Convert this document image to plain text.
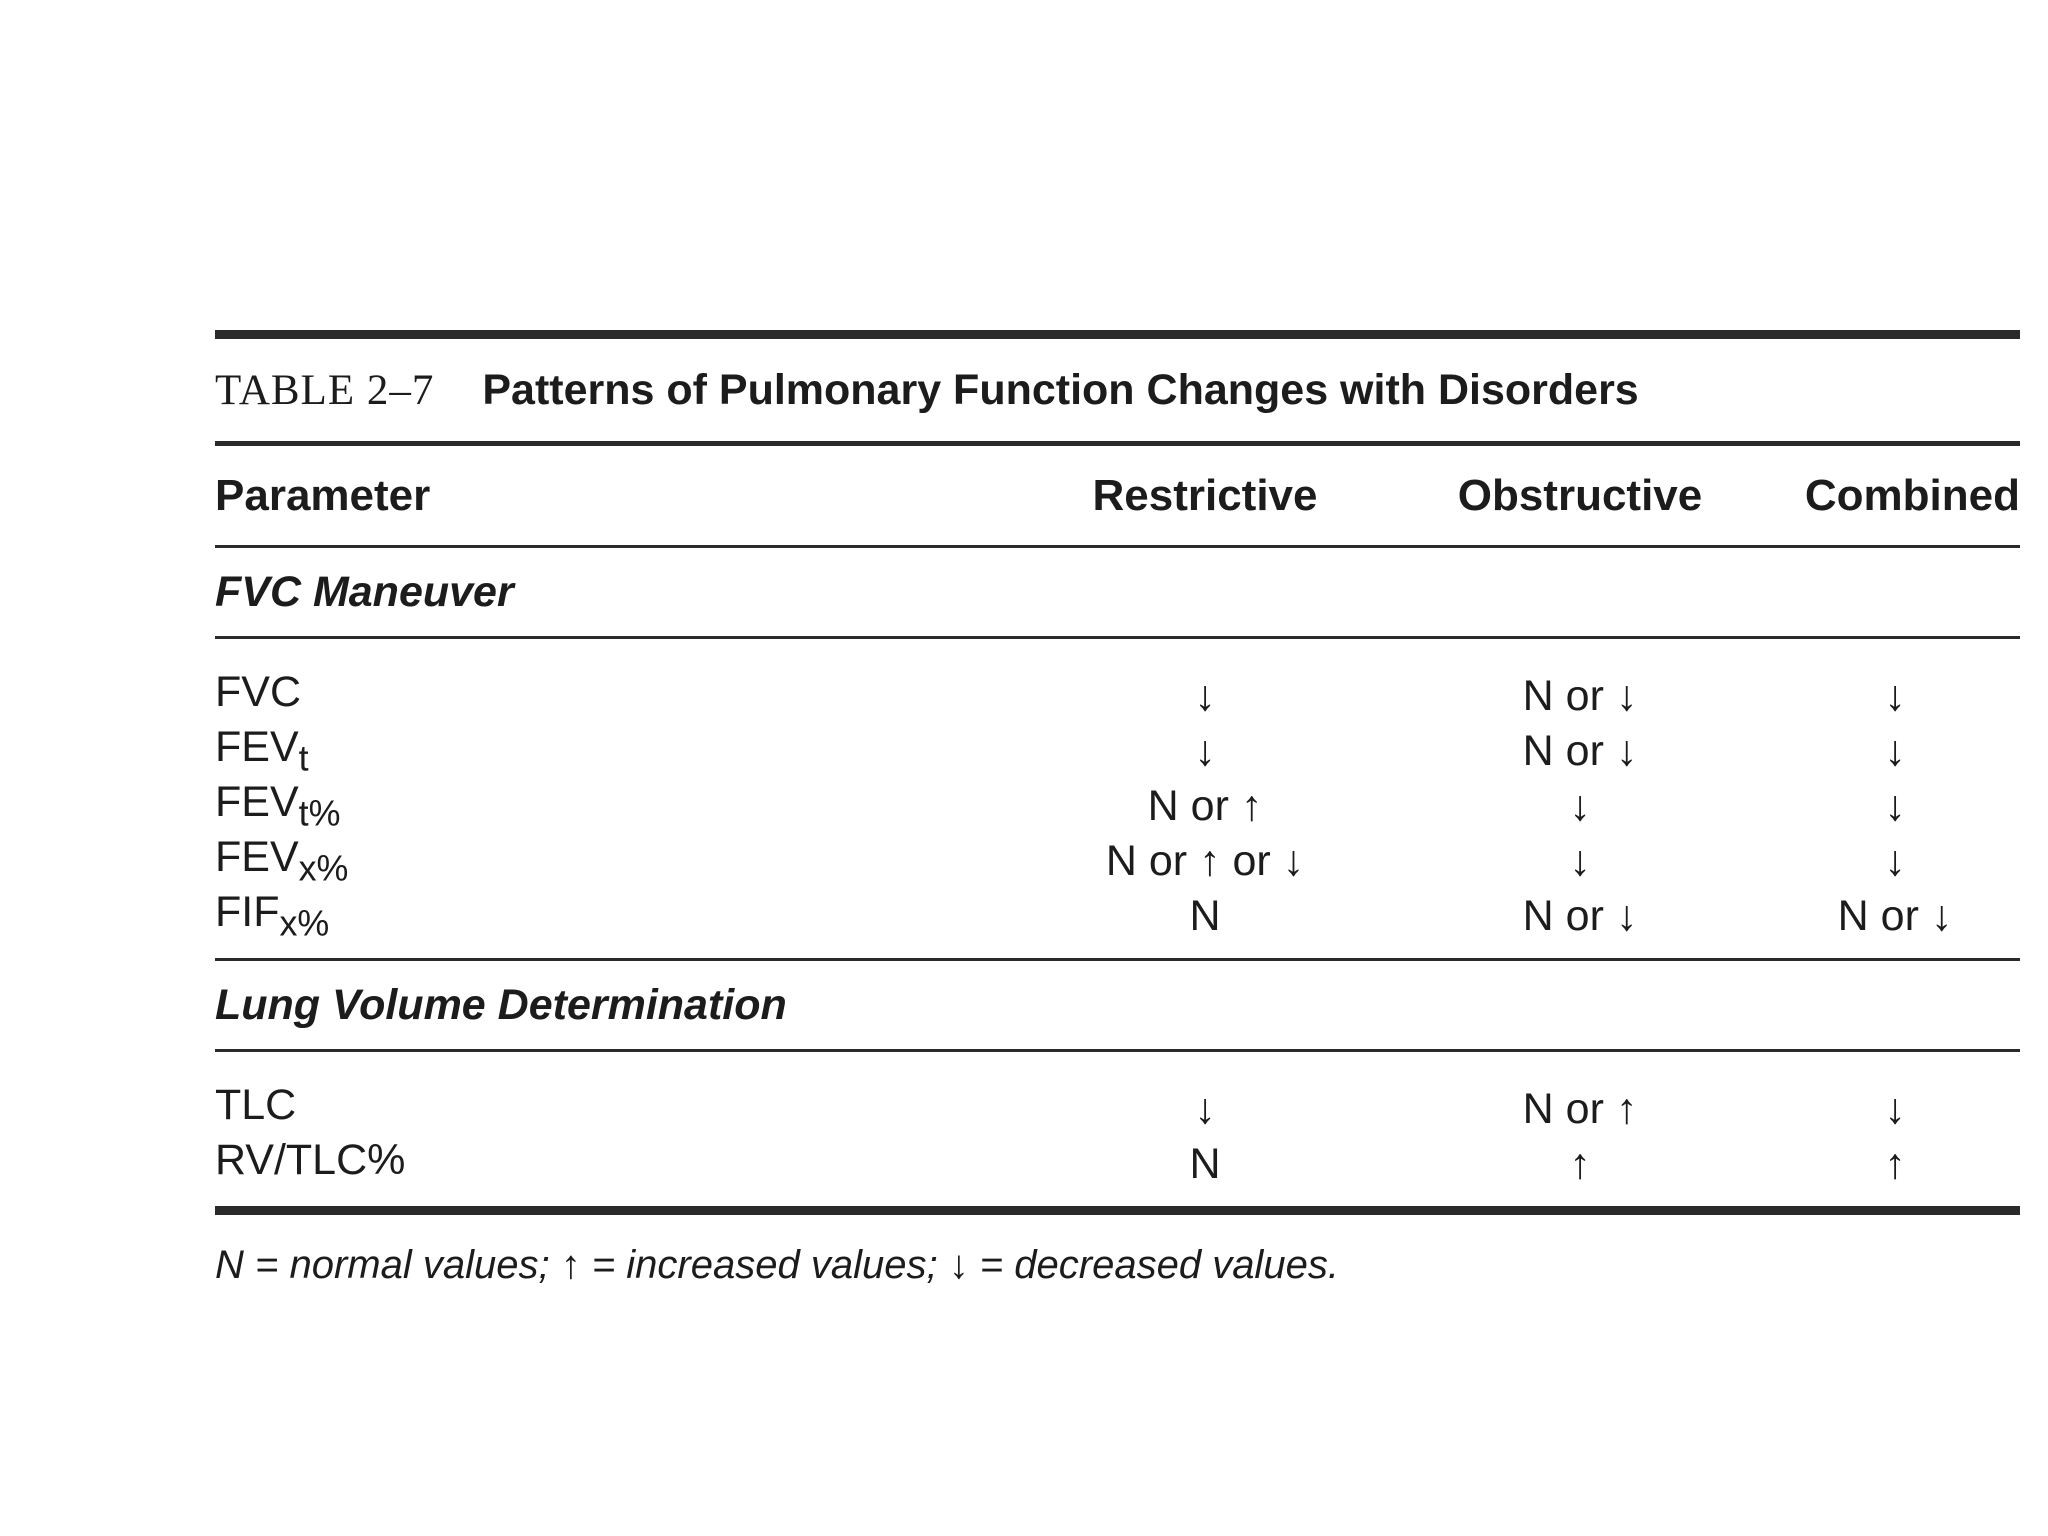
TABLE 2–7 Patterns of Pulmonary Function Changes with Disorders
Parameter	Restrictive	Obstructive	Combined
FVC Maneuver
FVC	↓	N or ↓	↓
$FEV_t$	↓	N or ↓	↓
$FEV_{t\%}$	N or ↑	↓	↓
$FEV_{x\%}$	N or ↑ or ↓	↓	↓
$FIF_{x\%}$	N	N or ↓	N or ↓
Lung Volume Determination
TLC	↓	N or ↑	↓
RV/TLC%	N	↑	↑
N = normal values; ↑ = increased values; ↓ = decreased values.
